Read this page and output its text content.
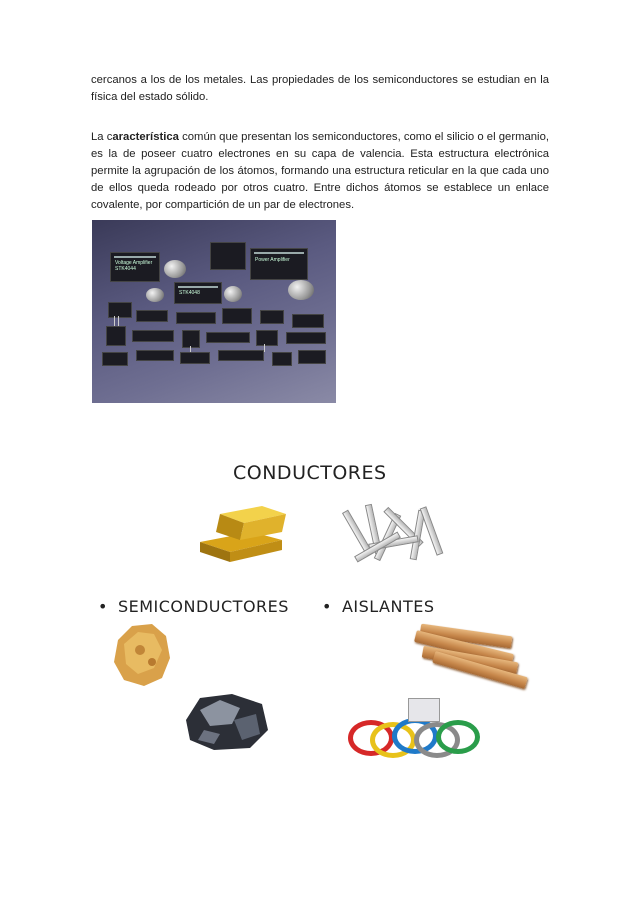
cercanos a los de los metales. Las propiedades de los semiconductores se estudian en la física del estado sólido.

La característica común que presentan los semiconductores, como el silicio o el germanio, es la de poseer cuatro electrones en su capa de valencia. Esta estructura electrónica permite la agrupación de los átomos, formando una estructura reticular en la que cada uno de ellos queda rodeado por otros cuatro. Entre dichos átomos se establece un enlace covalente, por compartición de un par de electrones.

Voltage Amplifier STK4044
Power Amplifier
STK4048
CONDUCTORES
• SEMICONDUCTORES • AISLANTES
